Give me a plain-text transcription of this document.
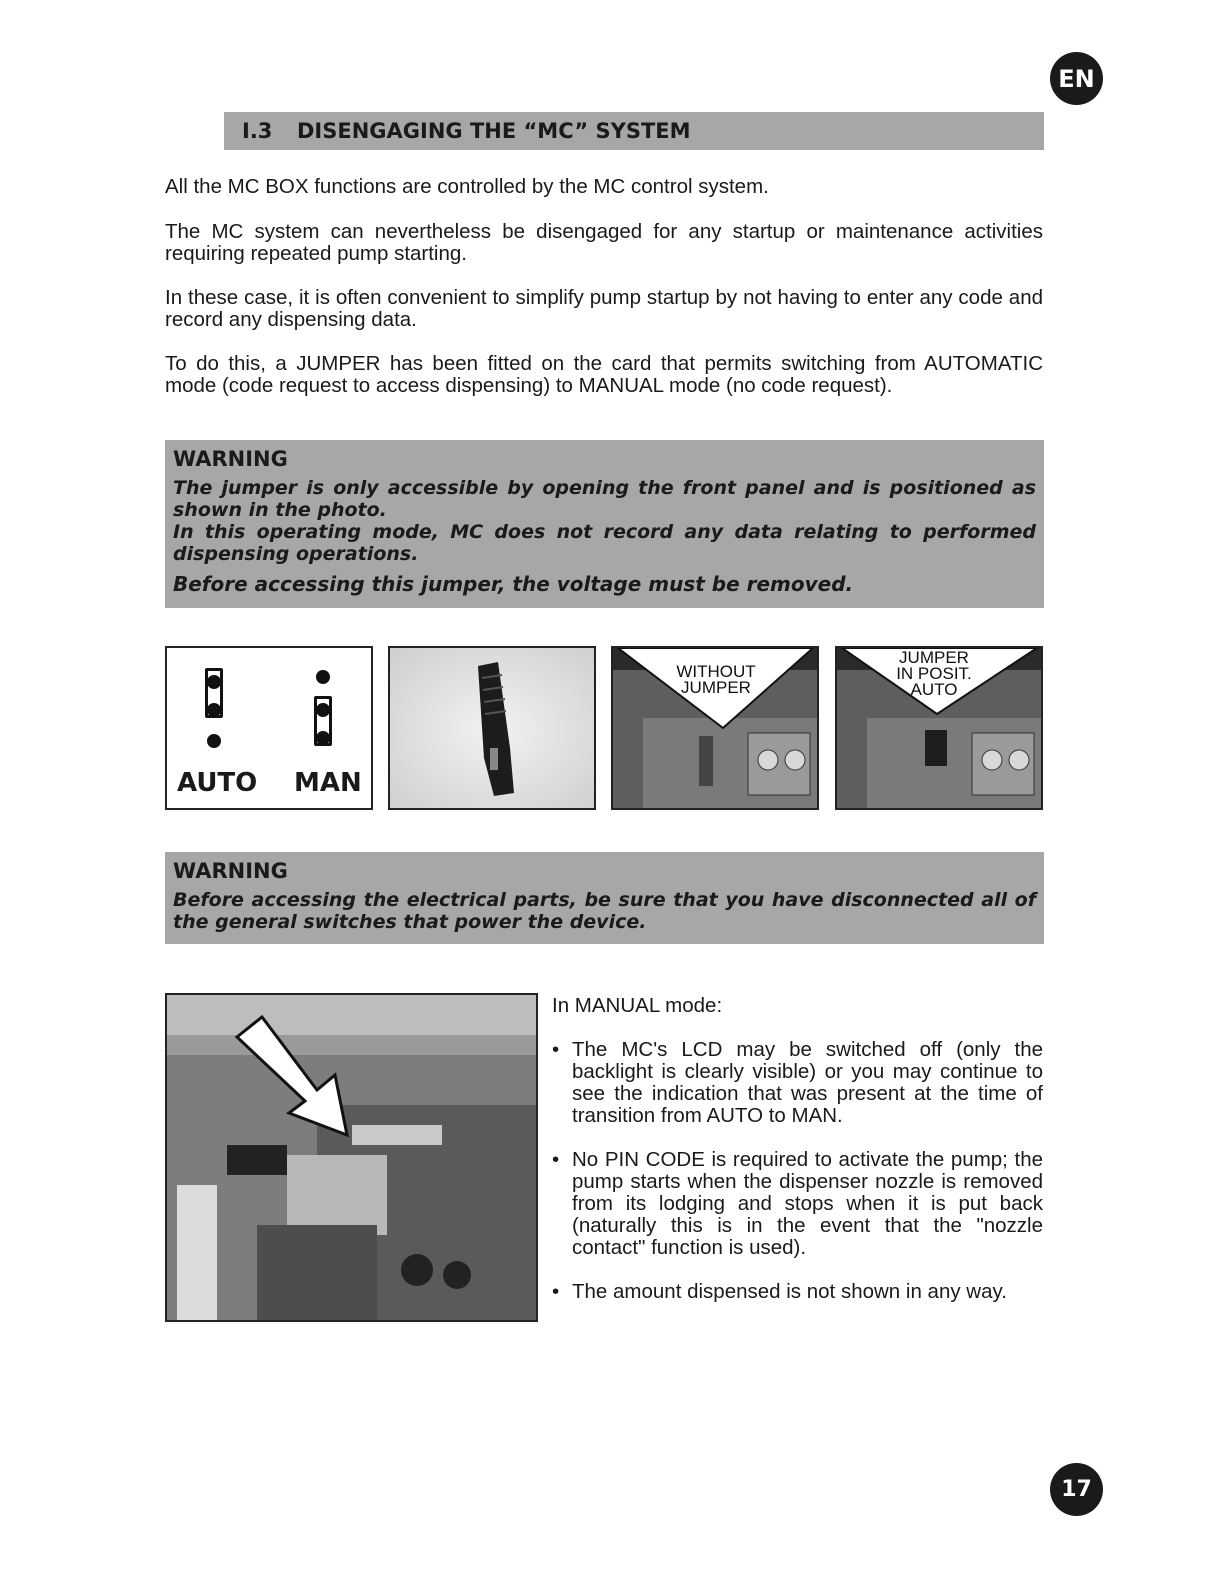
EN
I.3	DISENGAGING THE “MC” SYSTEM
All the MC BOX functions are controlled by the MC control system.
The MC system can nevertheless be disengaged for any startup or maintenance activities requiring repeated pump starting.
In these case, it is often convenient to simplify pump startup by not having to enter any code and record any dispensing data.
To do this, a JUMPER has been fitted on the card that permits switching from AUTOMATIC mode (code request to access dispensing) to MANUAL mode (no code request).
WARNING
The jumper is only accessible by opening the front panel and is positioned as shown in the photo.
In this operating mode, MC does not record any data relating to performed dispensing operations.
Before accessing this jumper, the voltage must be removed.
AUTO MAN
WITHOUT
JUMPER
JUMPER
IN POSIT.
AUTO
WARNING
Before accessing the electrical parts, be sure that you have disconnected all of the general switches that power the device.
In MANUAL mode:
• The MC's LCD may be switched off (only the backlight is clearly visible) or you may continue to see the indication that was present at the time of transition from AUTO to MAN.
• No PIN CODE is required to activate the pump; the pump starts when the dispenser nozzle is removed from its lodging and stops when it is put back (naturally this is in the event that the "nozzle contact" function is used).
• The amount dispensed is not shown in any way.
17
